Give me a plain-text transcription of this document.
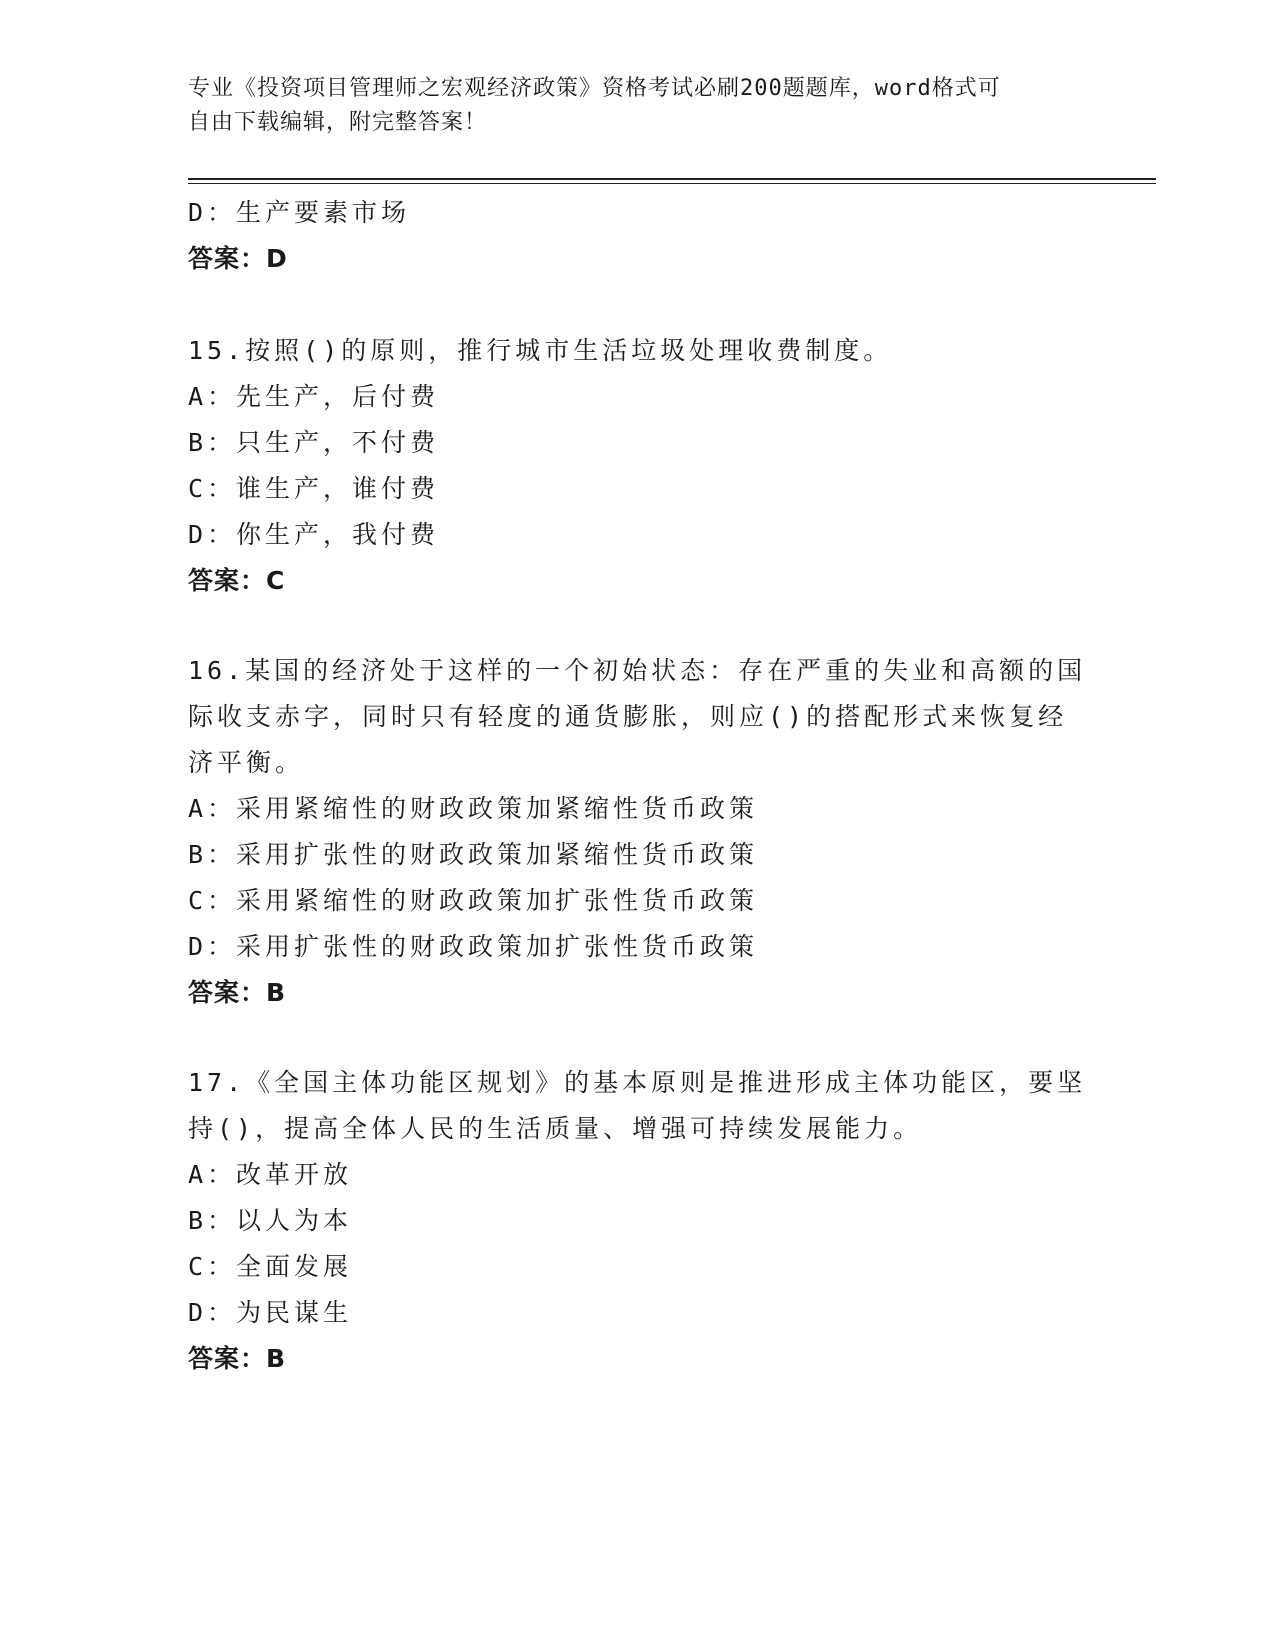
专业《投资项目管理师之宏观经济政策》资格考试必刷200题题库，word格式可
自由下载编辑，附完整答案！
D：生产要素市场
答案：D
15.按照()的原则，推行城市生活垃圾处理收费制度。
A：先生产，后付费
B：只生产，不付费
C：谁生产，谁付费
D：你生产，我付费
答案：C
16.某国的经济处于这样的一个初始状态：存在严重的失业和高额的国
际收支赤字，同时只有轻度的通货膨胀，则应()的搭配形式来恢复经
济平衡。
A：采用紧缩性的财政政策加紧缩性货币政策
B：采用扩张性的财政政策加紧缩性货币政策
C：采用紧缩性的财政政策加扩张性货币政策
D：采用扩张性的财政政策加扩张性货币政策
答案：B
17.《全国主体功能区规划》的基本原则是推进形成主体功能区，要坚
持()，提高全体人民的生活质量、增强可持续发展能力。
A：改革开放
B：以人为本
C：全面发展
D：为民谋生
答案：B
